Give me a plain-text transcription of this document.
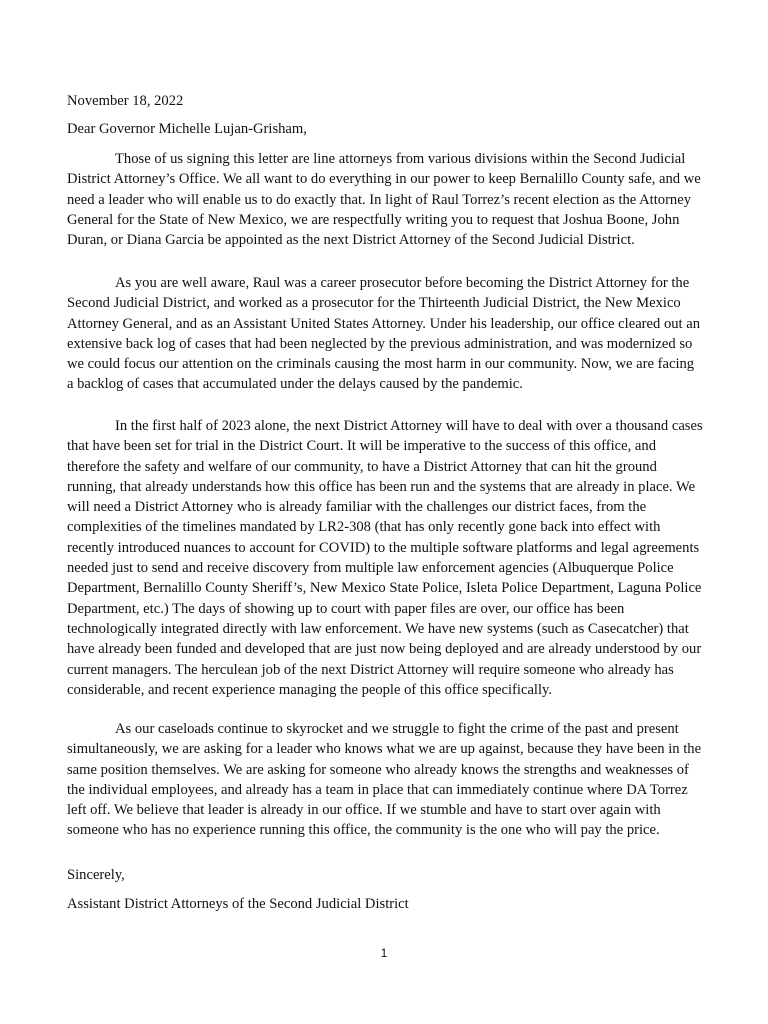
November 18, 2022

Dear Governor Michelle Lujan-Grisham,

Those of us signing this letter are line attorneys from various divisions within the Second Judicial District Attorney’s Office. We all want to do everything in our power to keep Bernalillo County safe, and we need a leader who will enable us to do exactly that. In light of Raul Torrez’s recent election as the Attorney General for the State of New Mexico, we are respectfully writing you to request that Joshua Boone, John Duran, or Diana Garcia be appointed as the next District Attorney of the Second Judicial District.

As you are well aware, Raul was a career prosecutor before becoming the District Attorney for the Second Judicial District, and worked as a prosecutor for the Thirteenth Judicial District, the New Mexico Attorney General, and as an Assistant United States Attorney. Under his leadership, our office cleared out an extensive back log of cases that had been neglected by the previous administration, and was modernized so we could focus our attention on the criminals causing the most harm in our community. Now, we are facing a backlog of cases that accumulated under the delays caused by the pandemic.

In the first half of 2023 alone, the next District Attorney will have to deal with over a thousand cases that have been set for trial in the District Court. It will be imperative to the success of this office, and therefore the safety and welfare of our community, to have a District Attorney that can hit the ground running, that already understands how this office has been run and the systems that are already in place. We will need a District Attorney who is already familiar with the challenges our district faces, from the complexities of the timelines mandated by LR2-308 (that has only recently gone back into effect with recently introduced nuances to account for COVID) to the multiple software platforms and legal agreements needed just to send and receive discovery from multiple law enforcement agencies (Albuquerque Police Department, Bernalillo County Sheriff’s, New Mexico State Police, Isleta Police Department, Laguna Police Department, etc.) The days of showing up to court with paper files are over, our office has been technologically integrated directly with law enforcement. We have new systems (such as Casecatcher) that have already been funded and developed that are just now being deployed and are already understood by our current managers. The herculean job of the next District Attorney will require someone who already has considerable, and recent experience managing the people of this office specifically.

As our caseloads continue to skyrocket and we struggle to fight the crime of the past and present simultaneously, we are asking for a leader who knows what we are up against, because they have been in the same position themselves. We are asking for someone who already knows the strengths and weaknesses of the individual employees, and already has a team in place that can immediately continue where DA Torrez left off. We believe that leader is already in our office. If we stumble and have to start over again with someone who has no experience running this office, the community is the one who will pay the price.

Sincerely,

Assistant District Attorneys of the Second Judicial District

1
